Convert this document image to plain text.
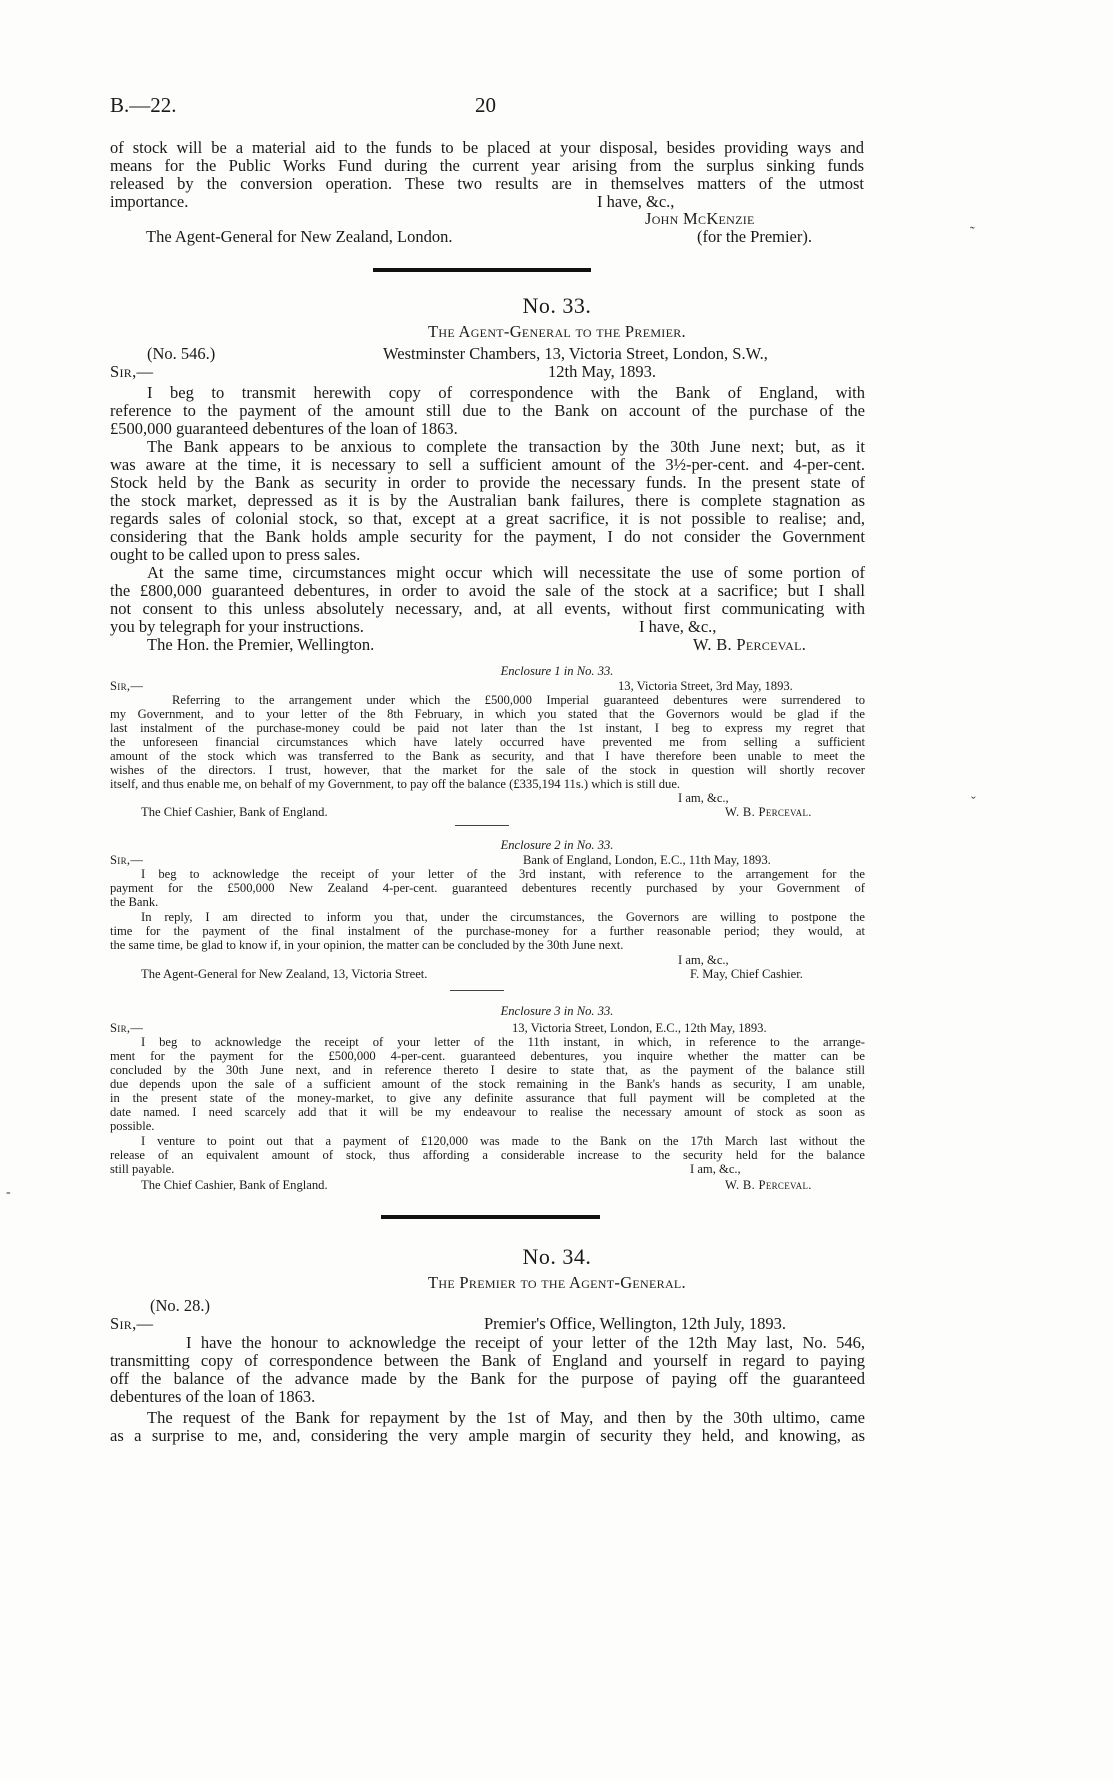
B.—22.	20
of stock will be a material aid to the funds to be placed at your disposal, besides providing ways and
means for the Public Works Fund during the current year arising from the surplus sinking funds
released by the conversion operation. These two results are in themselves matters of the utmost
importance.	I have, &c.,
John McKenzie
The Agent-General for New Zealand, London.	(for the Premier).
No. 33.
The Agent-General to the Premier.
(No. 546.)	Westminster Chambers, 13, Victoria Street, London, S.W.,
Sir,—	12th May, 1893.
I beg to transmit herewith copy of correspondence with the Bank of England, with
reference to the payment of the amount still due to the Bank on account of the purchase of the
£500,000 guaranteed debentures of the loan of 1863.
The Bank appears to be anxious to complete the transaction by the 30th June next; but, as it
was aware at the time, it is necessary to sell a sufficient amount of the 3½-per-cent. and 4-per-cent.
Stock held by the Bank as security in order to provide the necessary funds. In the present state of
the stock market, depressed as it is by the Australian bank failures, there is complete stagnation as
regards sales of colonial stock, so that, except at a great sacrifice, it is not possible to realise; and,
considering that the Bank holds ample security for the payment, I do not consider the Government
ought to be called upon to press sales.
At the same time, circumstances might occur which will necessitate the use of some portion of
the £800,000 guaranteed debentures, in order to avoid the sale of the stock at a sacrifice; but I shall
not consent to this unless absolutely necessary, and, at all events, without first communicating with
you by telegraph for your instructions.	I have, &c.,
The Hon. the Premier, Wellington.	W. B. Perceval.
Enclosure 1 in No. 33.
Sir,—	13, Victoria Street, 3rd May, 1893.
Referring to the arrangement under which the £500,000 Imperial guaranteed debentures were surrendered to
my Government, and to your letter of the 8th February, in which you stated that the Governors would be glad if the
last instalment of the purchase-money could be paid not later than the 1st instant, I beg to express my regret that
the unforeseen financial circumstances which have lately occurred have prevented me from selling a sufficient
amount of the stock which was transferred to the Bank as security, and that I have therefore been unable to meet the
wishes of the directors. I trust, however, that the market for the sale of the stock in question will shortly recover
itself, and thus enable me, on behalf of my Government, to pay off the balance (£335,194 11s.) which is still due.
I am, &c.,
The Chief Cashier, Bank of England.	W. B. Perceval.
Enclosure 2 in No. 33.
Sir,—	Bank of England, London, E.C., 11th May, 1893.
I beg to acknowledge the receipt of your letter of the 3rd instant, with reference to the arrangement for the
payment for the £500,000 New Zealand 4-per-cent. guaranteed debentures recently purchased by your Government of
the Bank.
In reply, I am directed to inform you that, under the circumstances, the Governors are willing to postpone the
time for the payment of the final instalment of the purchase-money for a further reasonable period; they would, at
the same time, be glad to know if, in your opinion, the matter can be concluded by the 30th June next.
I am, &c.,
The Agent-General for New Zealand, 13, Victoria Street.	F. May, Chief Cashier.
Enclosure 3 in No. 33.
Sir,—	13, Victoria Street, London, E.C., 12th May, 1893.
I beg to acknowledge the receipt of your letter of the 11th instant, in which, in reference to the arrange-
ment for the payment for the £500,000 4-per-cent. guaranteed debentures, you inquire whether the matter can be
concluded by the 30th June next, and in reference thereto I desire to state that, as the payment of the balance still
due depends upon the sale of a sufficient amount of the stock remaining in the Bank's hands as security, I am unable,
in the present state of the money-market, to give any definite assurance that full payment will be completed at the
date named. I need scarcely add that it will be my endeavour to realise the necessary amount of stock as soon as
possible.
I venture to point out that a payment of £120,000 was made to the Bank on the 17th March last without the
release of an equivalent amount of stock, thus affording a considerable increase to the security held for the balance
still payable.	I am, &c.,
The Chief Cashier, Bank of England.	W. B. Perceval.
No. 34.
The Premier to the Agent-General.
(No. 28.)
Sir,—	Premier's Office, Wellington, 12th July, 1893.
I have the honour to acknowledge the receipt of your letter of the 12th May last, No. 546,
transmitting copy of correspondence between the Bank of England and yourself in regard to paying
off the balance of the advance made by the Bank for the purpose of paying off the guaranteed
debentures of the loan of 1863.
The request of the Bank for repayment by the 1st of May, and then by the 30th ultimo, came
as a surprise to me, and, considering the very ample margin of security they held, and knowing, as
˜
ˇ
-
